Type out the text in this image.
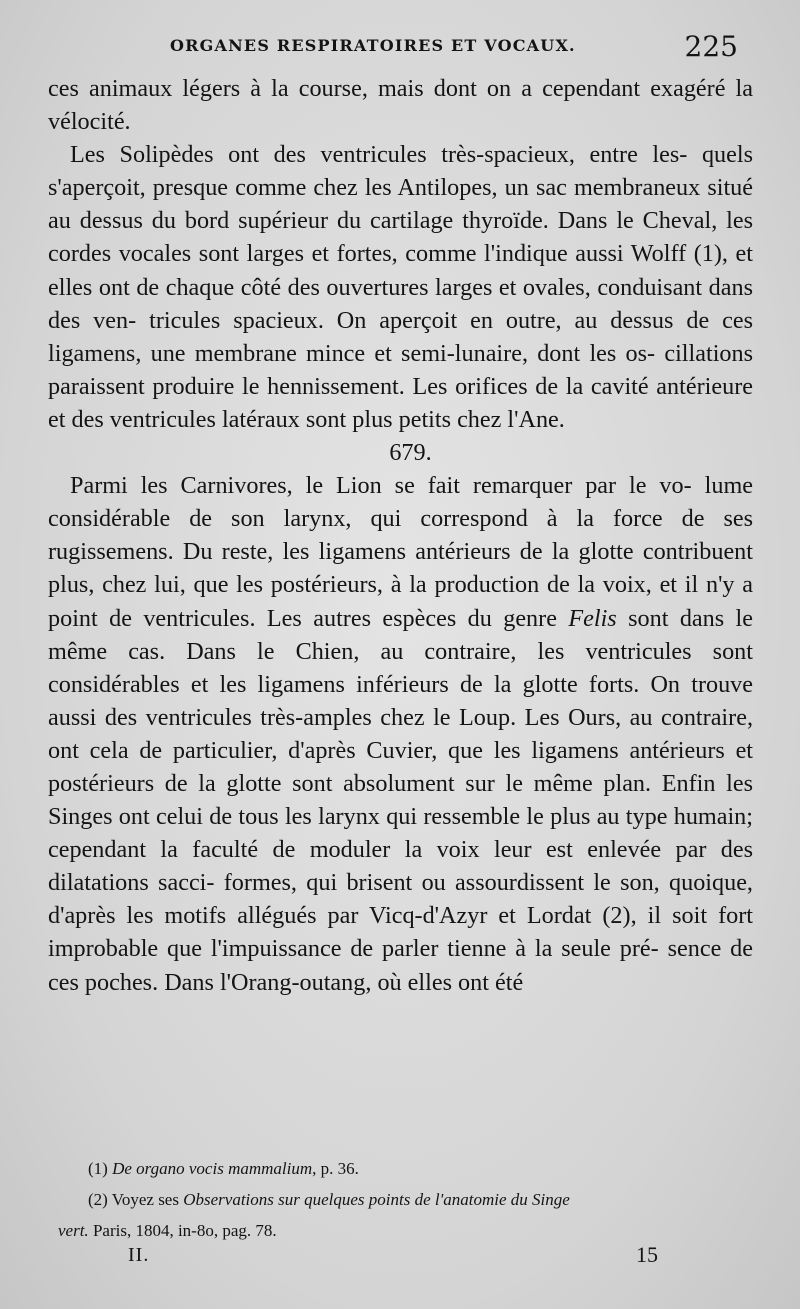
ORGANES RESPIRATOIRES ET VOCAUX.	225

ces animaux légers à la course, mais dont on a cependant exagéré la vélocité.

Les Solipèdes ont des ventricules très-spacieux, entre les- quels s'aperçoit, presque comme chez les Antilopes, un sac membraneux situé au dessus du bord supérieur du cartilage thyroïde. Dans le Cheval, les cordes vocales sont larges et fortes, comme l'indique aussi Wolff (1), et elles ont de chaque côté des ouvertures larges et ovales, conduisant dans des ven- tricules spacieux. On aperçoit en outre, au dessus de ces ligamens, une membrane mince et semi-lunaire, dont les os- cillations paraissent produire le hennissement. Les orifices de la cavité antérieure et des ventricules latéraux sont plus petits chez l'Ane.

679.

Parmi les Carnivores, le Lion se fait remarquer par le vo- lume considérable de son larynx, qui correspond à la force de ses rugissemens. Du reste, les ligamens antérieurs de la glotte contribuent plus, chez lui, que les postérieurs, à la production de la voix, et il n'y a point de ventricules. Les autres espèces du genre Felis sont dans le même cas. Dans le Chien, au contraire, les ventricules sont considérables et les ligamens inférieurs de la glotte forts. On trouve aussi des ventricules très-amples chez le Loup. Les Ours, au contraire, ont cela de particulier, d'après Cuvier, que les ligamens antérieurs et postérieurs de la glotte sont absolument sur le même plan. Enfin les Singes ont celui de tous les larynx qui ressemble le plus au type humain; cependant la faculté de moduler la voix leur est enlevée par des dilatations sacci- formes, qui brisent ou assourdissent le son, quoique, d'après les motifs allégués par Vicq-d'Azyr et Lordat (2), il soit fort improbable que l'impuissance de parler tienne à la seule pré- sence de ces poches. Dans l'Orang-outang, où elles ont été

(1) De organo vocis mammalium, p. 36.

(2) Voyez ses Observations sur quelques points de l'anatomie du Singe

vert. Paris, 1804, in-8o, pag. 78.

II.	15
